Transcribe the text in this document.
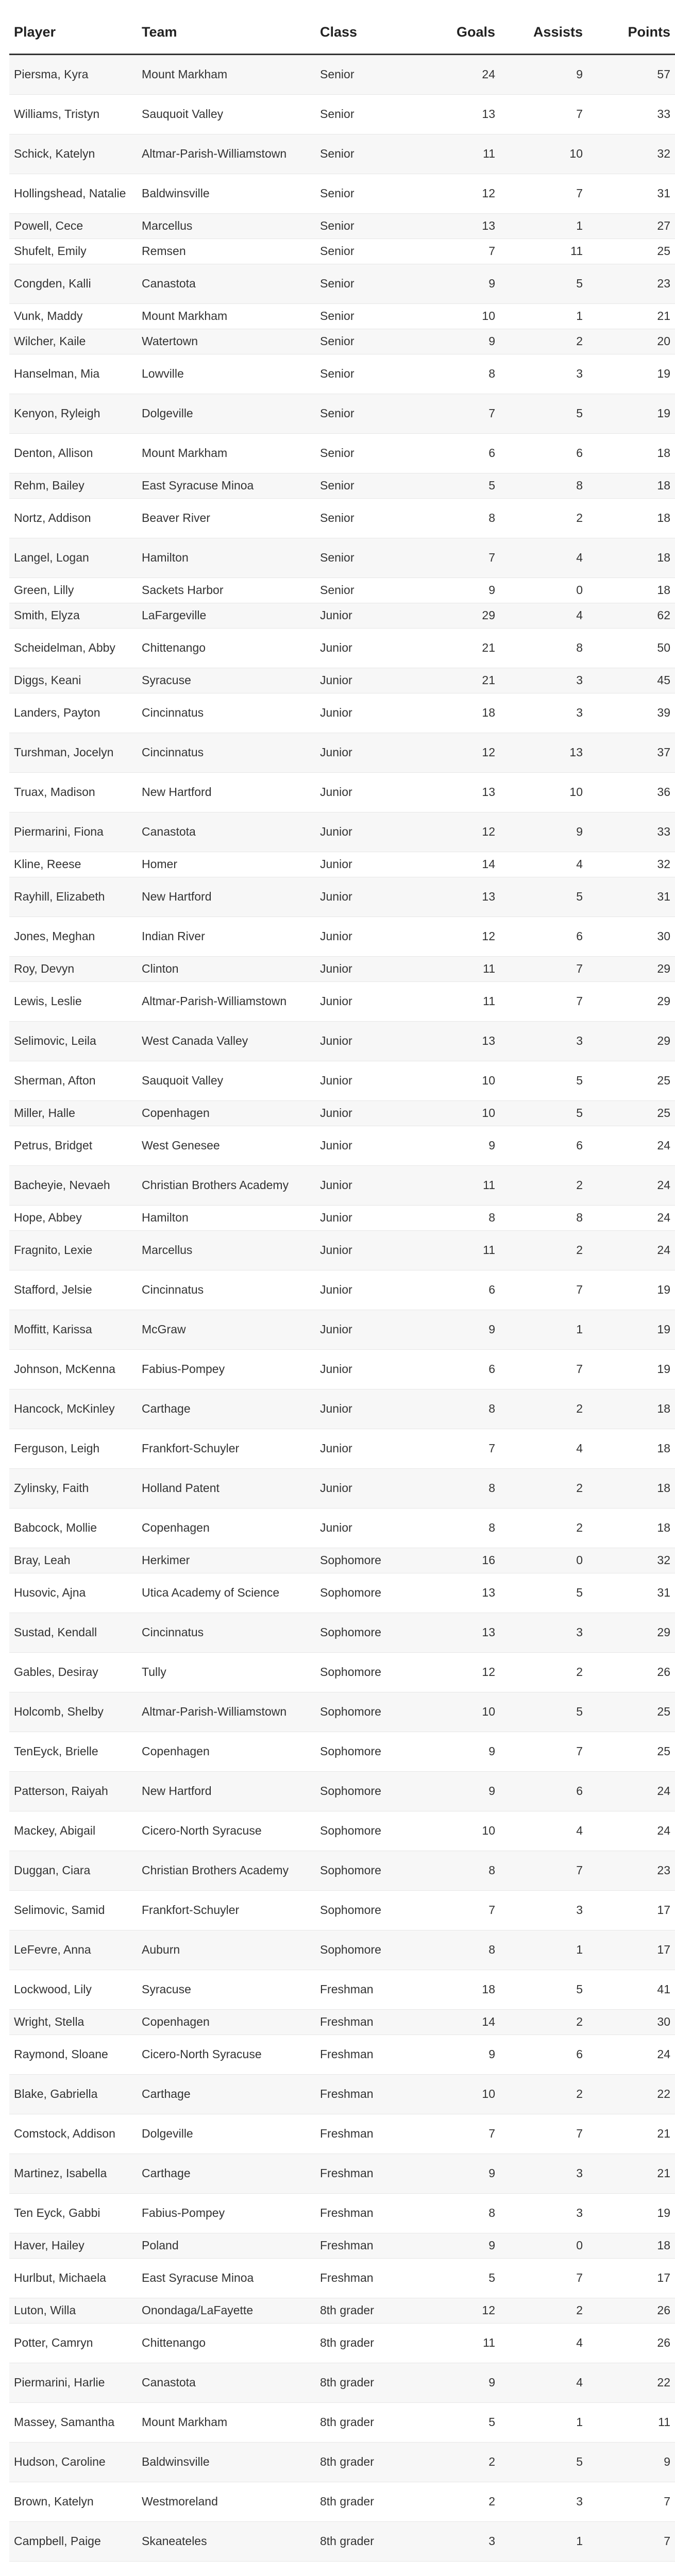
Player	Team	Class	Goals	Assists	Points
Piersma, Kyra	Mount Markham	Senior	24	9	57
Williams, Tristyn	Sauquoit Valley	Senior	13	7	33
Schick, Katelyn	Altmar-Parish-Williamstown	Senior	11	10	32
Hollingshead, Natalie	Baldwinsville	Senior	12	7	31
Powell, Cece	Marcellus	Senior	13	1	27
Shufelt, Emily	Remsen	Senior	7	11	25
Congden, Kalli	Canastota	Senior	9	5	23
Vunk, Maddy	Mount Markham	Senior	10	1	21
Wilcher, Kaile	Watertown	Senior	9	2	20
Hanselman, Mia	Lowville	Senior	8	3	19
Kenyon, Ryleigh	Dolgeville	Senior	7	5	19
Denton, Allison	Mount Markham	Senior	6	6	18
Rehm, Bailey	East Syracuse Minoa	Senior	5	8	18
Nortz, Addison	Beaver River	Senior	8	2	18
Langel, Logan	Hamilton	Senior	7	4	18
Green, Lilly	Sackets Harbor	Senior	9	0	18
Smith, Elyza	LaFargeville	Junior	29	4	62
Scheidelman, Abby	Chittenango	Junior	21	8	50
Diggs, Keani	Syracuse	Junior	21	3	45
Landers, Payton	Cincinnatus	Junior	18	3	39
Turshman, Jocelyn	Cincinnatus	Junior	12	13	37
Truax, Madison	New Hartford	Junior	13	10	36
Piermarini, Fiona	Canastota	Junior	12	9	33
Kline, Reese	Homer	Junior	14	4	32
Rayhill, Elizabeth	New Hartford	Junior	13	5	31
Jones, Meghan	Indian River	Junior	12	6	30
Roy, Devyn	Clinton	Junior	11	7	29
Lewis, Leslie	Altmar-Parish-Williamstown	Junior	11	7	29
Selimovic, Leila	West Canada Valley	Junior	13	3	29
Sherman, Afton	Sauquoit Valley	Junior	10	5	25
Miller, Halle	Copenhagen	Junior	10	5	25
Petrus, Bridget	West Genesee	Junior	9	6	24
Bacheyie, Nevaeh	Christian Brothers Academy	Junior	11	2	24
Hope, Abbey	Hamilton	Junior	8	8	24
Fragnito, Lexie	Marcellus	Junior	11	2	24
Stafford, Jelsie	Cincinnatus	Junior	6	7	19
Moffitt, Karissa	McGraw	Junior	9	1	19
Johnson, McKenna	Fabius-Pompey	Junior	6	7	19
Hancock, McKinley	Carthage	Junior	8	2	18
Ferguson, Leigh	Frankfort-Schuyler	Junior	7	4	18
Zylinsky, Faith	Holland Patent	Junior	8	2	18
Babcock, Mollie	Copenhagen	Junior	8	2	18
Bray, Leah	Herkimer	Sophomore	16	0	32
Husovic, Ajna	Utica Academy of Science	Sophomore	13	5	31
Sustad, Kendall	Cincinnatus	Sophomore	13	3	29
Gables, Desiray	Tully	Sophomore	12	2	26
Holcomb, Shelby	Altmar-Parish-Williamstown	Sophomore	10	5	25
TenEyck, Brielle	Copenhagen	Sophomore	9	7	25
Patterson, Raiyah	New Hartford	Sophomore	9	6	24
Mackey, Abigail	Cicero-North Syracuse	Sophomore	10	4	24
Duggan, Ciara	Christian Brothers Academy	Sophomore	8	7	23
Selimovic, Samid	Frankfort-Schuyler	Sophomore	7	3	17
LeFevre, Anna	Auburn	Sophomore	8	1	17
Lockwood, Lily	Syracuse	Freshman	18	5	41
Wright, Stella	Copenhagen	Freshman	14	2	30
Raymond, Sloane	Cicero-North Syracuse	Freshman	9	6	24
Blake, Gabriella	Carthage	Freshman	10	2	22
Comstock, Addison	Dolgeville	Freshman	7	7	21
Martinez, Isabella	Carthage	Freshman	9	3	21
Ten Eyck, Gabbi	Fabius-Pompey	Freshman	8	3	19
Haver, Hailey	Poland	Freshman	9	0	18
Hurlbut, Michaela	East Syracuse Minoa	Freshman	5	7	17
Luton, Willa	Onondaga/LaFayette	8th grader	12	2	26
Potter, Camryn	Chittenango	8th grader	11	4	26
Piermarini, Harlie	Canastota	8th grader	9	4	22
Massey, Samantha	Mount Markham	8th grader	5	1	11
Hudson, Caroline	Baldwinsville	8th grader	2	5	9
Brown, Katelyn	Westmoreland	8th grader	2	3	7
Campbell, Paige	Skaneateles	8th grader	3	1	7
